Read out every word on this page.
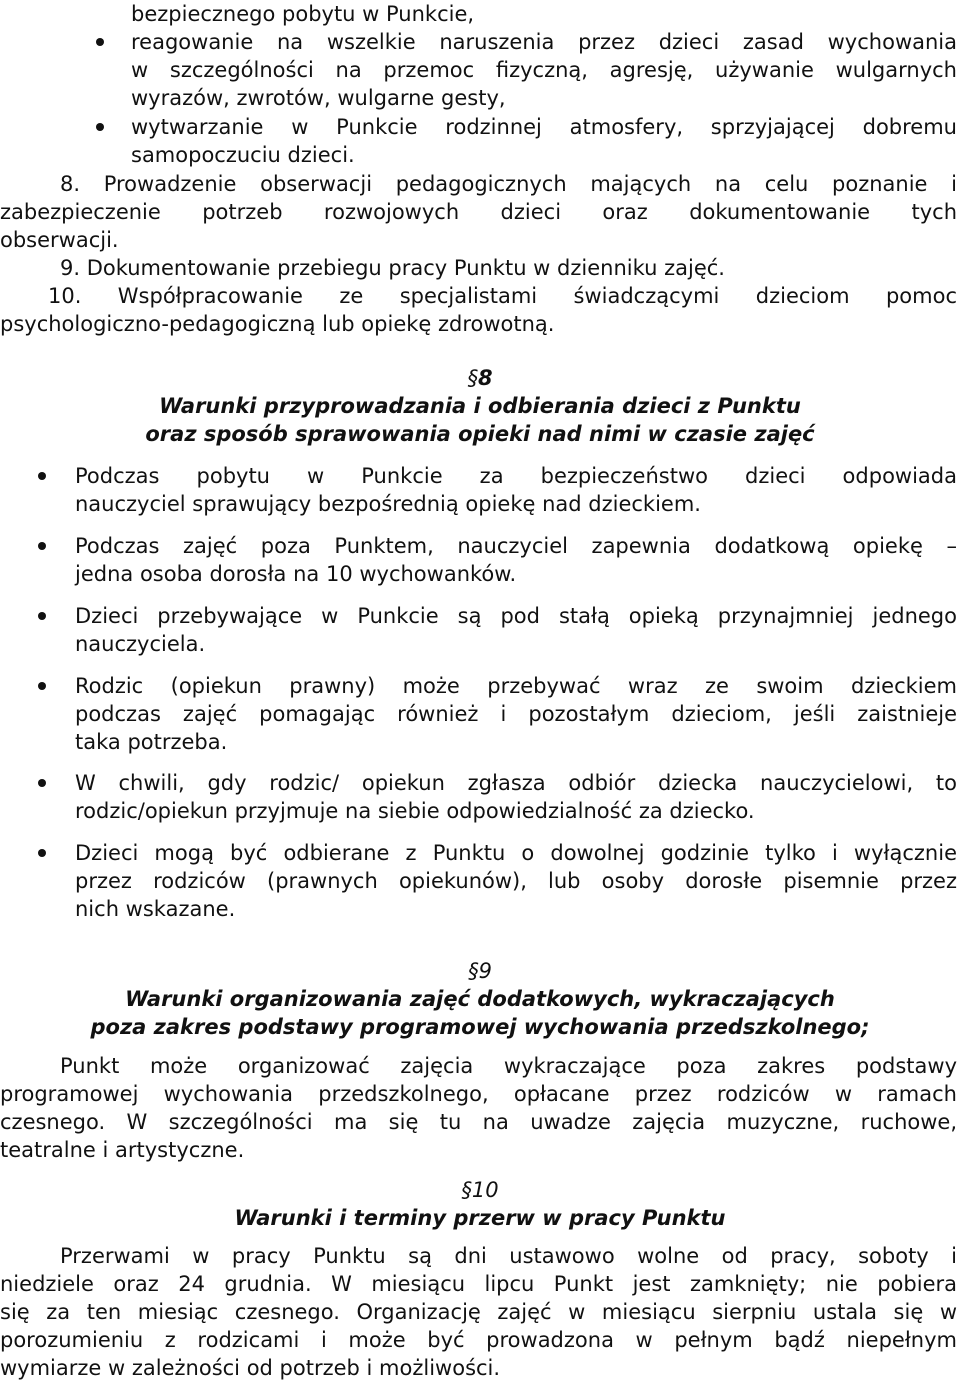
bezpiecznego pobytu w Punkcie,
reagowanie na wszelkie naruszenia przez dzieci zasad wychowania
w szczególności na przemoc fizyczną, agresję, używanie wulgarnych
wyrazów, zwrotów, wulgarne gesty,
wytwarzanie w Punkcie rodzinnej atmosfery, sprzyjającej dobremu
samopoczuciu dzieci.
8. Prowadzenie obserwacji pedagogicznych mających na celu poznanie i
zabezpieczenie potrzeb rozwojowych dzieci oraz dokumentowanie tych
obserwacji.
9. Dokumentowanie przebiegu pracy Punktu w dzienniku zajęć.
10. Współpracowanie ze specjalistami świadczącymi dzieciom pomoc
psychologiczno-pedagogiczną lub opiekę zdrowotną.
§8
Warunki przyprowadzania i odbierania dzieci z Punktu
oraz sposób sprawowania opieki nad nimi w czasie zajęć
Podczas pobytu w Punkcie za bezpieczeństwo dzieci odpowiada
nauczyciel sprawujący bezpośrednią opiekę nad dzieckiem.
Podczas zajęć poza Punktem, nauczyciel zapewnia dodatkową opiekę –
jedna osoba dorosła na 10 wychowanków.
Dzieci przebywające w Punkcie są pod stałą opieką przynajmniej jednego
nauczyciela.
Rodzic (opiekun prawny) może przebywać wraz ze swoim dzieckiem
podczas zajęć pomagając również i pozostałym dzieciom, jeśli zaistnieje
taka potrzeba.
W chwili, gdy rodzic/ opiekun zgłasza odbiór dziecka nauczycielowi, to
rodzic/opiekun przyjmuje na siebie odpowiedzialność za dziecko.
Dzieci mogą być odbierane z Punktu o dowolnej godzinie tylko i wyłącznie
przez rodziców (prawnych opiekunów), lub osoby dorosłe pisemnie przez
nich wskazane.
§9
Warunki organizowania zajęć dodatkowych, wykraczających
poza zakres podstawy programowej wychowania przedszkolnego;
Punkt może organizować zajęcia wykraczające poza zakres podstawy
programowej wychowania przedszkolnego, opłacane przez rodziców w ramach
czesnego. W szczególności ma się tu na uwadze zajęcia muzyczne, ruchowe,
teatralne i artystyczne.
§10
Warunki i terminy przerw w pracy Punktu
Przerwami w pracy Punktu są dni ustawowo wolne od pracy, soboty i
niedziele oraz 24 grudnia. W miesiącu lipcu Punkt jest zamknięty; nie pobiera
się za ten miesiąc czesnego. Organizację zajęć w miesiącu sierpniu ustala się w
porozumieniu z rodzicami i może być prowadzona w pełnym bądź niepełnym
wymiarze w zależności od potrzeb i możliwości.
